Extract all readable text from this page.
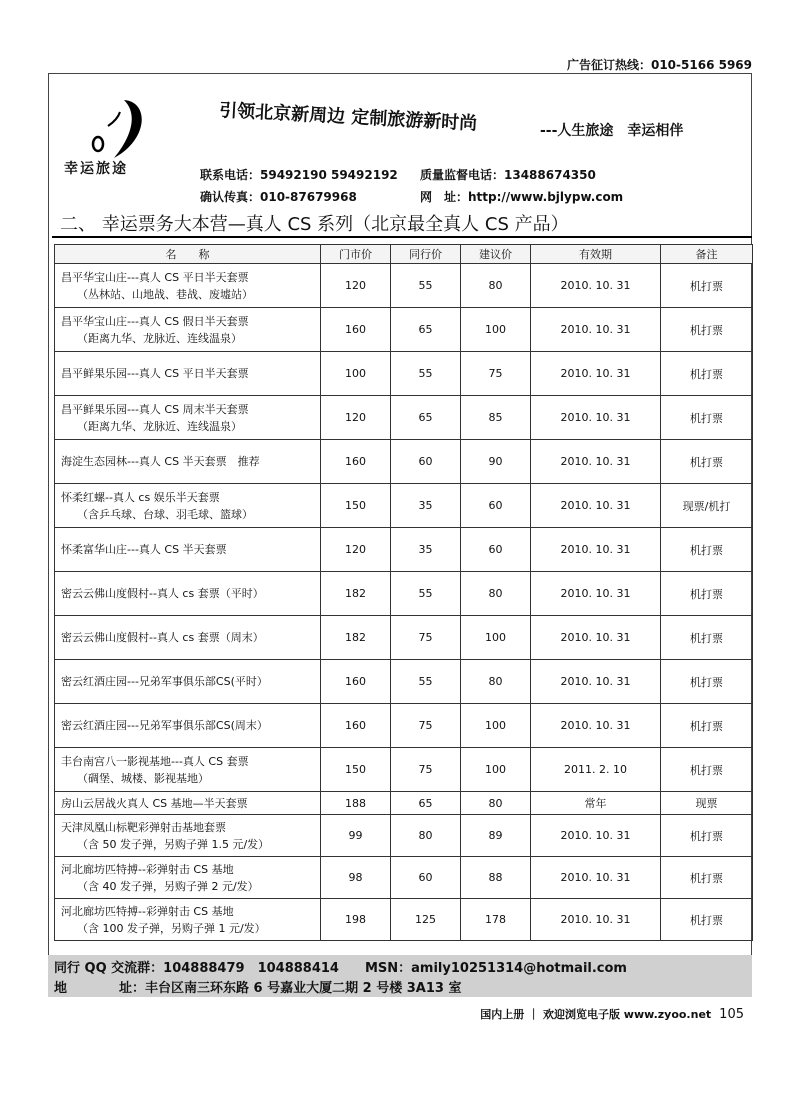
广告征订热线：010-5166 5969
幸运旅途
引领北京新周边 定制旅游新时尚	---人生旅途　幸运相伴
联系电话：59492190 59492192 质量监督电话：13488674350
确认传真：010-87679968	网　址：http://www.bjlypw.com
二、 幸运票务大本营—真人 CS 系列（北京最全真人 CS 产品）
名　　称	门市价	同行价	建议价	有效期	备注
昌平华宝山庄---真人 CS 平日半天套票
（丛林站、山地战、巷战、废墟站）	120	55	80	2010. 10. 31	机打票
昌平华宝山庄---真人 CS 假日半天套票
（距离九华、龙脉近、连线温泉）	160	65	100	2010. 10. 31	机打票
昌平鲜果乐园---真人 CS 平日半天套票	100	55	75	2010. 10. 31	机打票
昌平鲜果乐园---真人 CS 周末半天套票
（距离九华、龙脉近、连线温泉）	120	65	85	2010. 10. 31	机打票
海淀生态园林---真人 CS 半天套票　推荐	160	60	90	2010. 10. 31	机打票
怀柔红螺--真人 cs 娱乐半天套票
（含乒乓球、台球、羽毛球、篮球）	150	35	60	2010. 10. 31	现票/机打
怀柔富华山庄---真人 CS 半天套票	120	35	60	2010. 10. 31	机打票
密云云佛山度假村--真人 cs 套票（平时）	182	55	80	2010. 10. 31	机打票
密云云佛山度假村--真人 cs 套票（周末）	182	75	100	2010. 10. 31	机打票
密云红酒庄园---兄弟军事俱乐部CS(平时）	160	55	80	2010. 10. 31	机打票
密云红酒庄园---兄弟军事俱乐部CS(周末）	160	75	100	2010. 10. 31	机打票
丰台南宫八一影视基地---真人 CS 套票
（碉堡、城楼、影视基地）	150	75	100	2011. 2. 10	机打票
房山云居战火真人 CS 基地—半天套票	188	65	80	常年	现票
天津凤凰山标靶彩弹射击基地套票
（含 50 发子弹，另购子弹 1.5 元/发）	99	80	89	2010. 10. 31	机打票
河北廊坊匹特搏--彩弹射击 CS 基地
（含 40 发子弹，另购子弹 2 元/发）	98	60	88	2010. 10. 31	机打票
河北廊坊匹特搏--彩弹射击 CS 基地
（含 100 发子弹，另购子弹 1 元/发）	198	125	178	2010. 10. 31	机打票
同行 QQ 交流群：104888479　104888414　　MSN：amily10251314@hotmail.com
地　　　　址：丰台区南三环东路 6 号嘉业大厦二期 2 号楼 3A13 室
国内上册 ｜ 欢迎浏览电子版 www.zyoo.net 105
